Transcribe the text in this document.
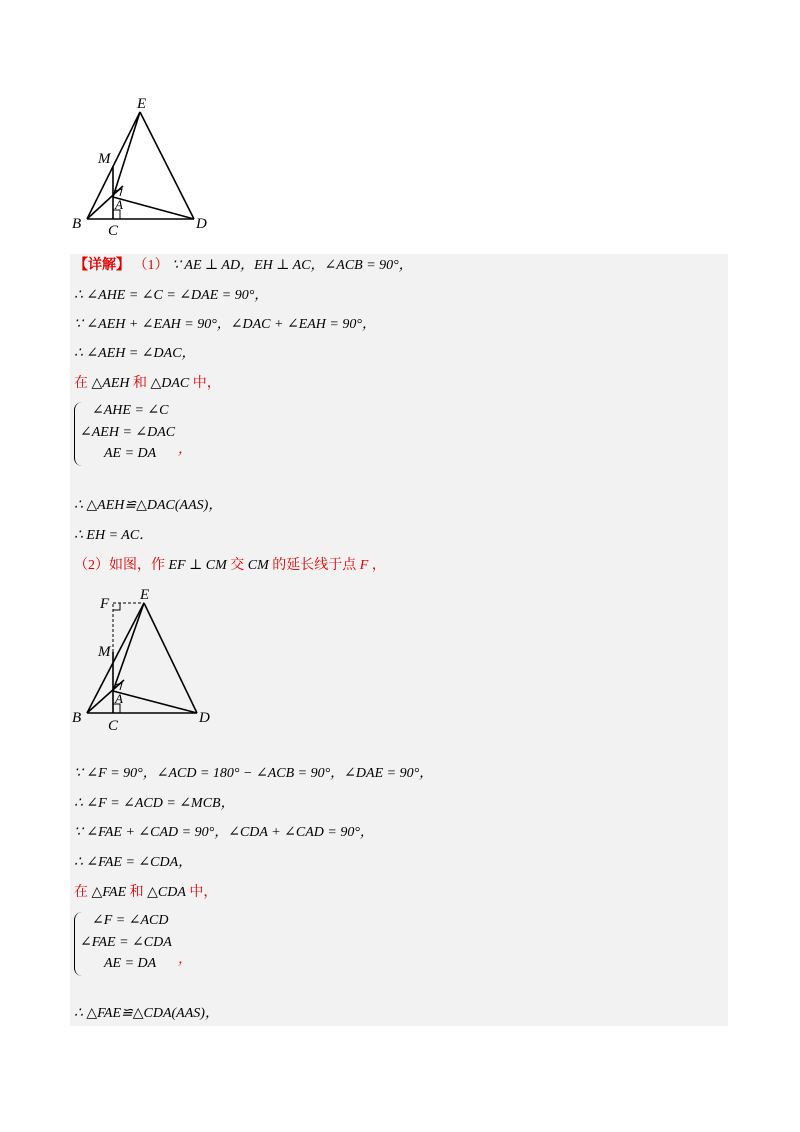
E
M
A
B C	D
【详解】 （1） ∵ AE ⊥ AD，EH ⊥ AC，∠ACB = 90°，
∴ ∠AHE = ∠C = ∠DAE = 90°，
∵ ∠AEH + ∠EAH = 90°，∠DAC + ∠EAH = 90°，
∴ ∠AEH = ∠DAC，
在 △AEH 和 △DAC 中，
∠AHE = ∠C
∠AEH = ∠DAC
AE = DA ，
∴ △AEH≌△DAC(AAS)，
∴ EH = AC．
（2）如图，作 EF ⊥ CM 交 CM 的延长线于点 F ，
F
E
M
A
B C	D
∵ ∠F = 90°，∠ACD = 180° − ∠ACB = 90°，∠DAE = 90°，
∴ ∠F = ∠ACD = ∠MCB，
∵ ∠FAE + ∠CAD = 90°，∠CDA + ∠CAD = 90°，
∴ ∠FAE = ∠CDA，
在 △FAE 和 △CDA 中，
∠F = ∠ACD
∠FAE = ∠CDA
AE = DA ，
∴ △FAE≌△CDA(AAS)，
